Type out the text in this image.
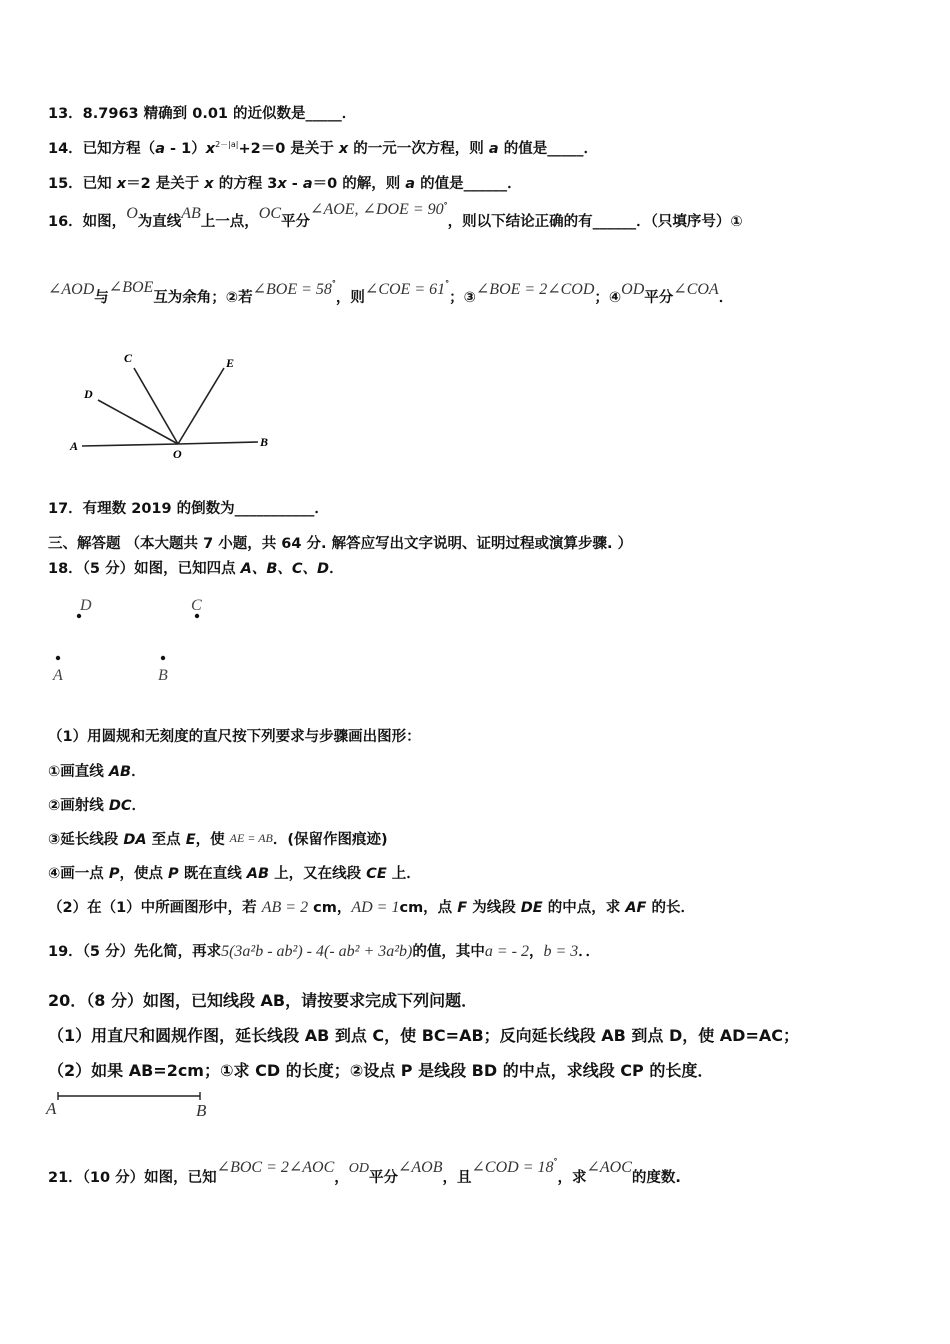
13．8.7963 精确到 0.01 的近似数是_____．
14．已知方程$(a - 1)x^{2-|a|}+2=0$ 是关于 x 的一元一次方程，则 a 的值是_____．
15．已知 x＝2 是关于 x 的方程 3x - a＝0 的解，则 a 的值是______．
16．如图，O为直线AB上一点，OC平分∠AOE, ∠DOE = 90°，则以下结论正确的有______．（只填序号）①
∠AOD与∠BOE互为余角；②若∠BOE = 58°，则∠COE = 61°；③∠BOE = 2∠COD；④OD平分∠COA．
C	E
D
A
O
B
17．有理数 2019 的倒数为___________．
三、解答题 （本大题共 7 小题，共 64 分. 解答应写出文字说明、证明过程或演算步骤. ）
18．（5 分）如图，已知四点 A、B、C、D．
D	C
A	B
（1）用圆规和无刻度的直尺按下列要求与步骤画出图形：
①画直线 AB．
②画射线 DC．
③延长线段 DA 至点 E，使 AE = AB．(保留作图痕迹)
④画一点 P，使点 P 既在直线 AB 上，又在线段 CE 上．
（2）在（1）中所画图形中，若 AB = 2 cm，AD = 1cm，点 F 为线段 DE 的中点，求 AF 的长．
19．（5 分）先化简，再求5(3a²b - ab²) - 4(- ab² + 3a²b)的值，其中a = - 2，b = 3．．
20．（8 分）如图，已知线段 AB，请按要求完成下列问题．
（1）用直尺和圆规作图，延长线段 AB 到点 C，使 BC=AB；反向延长线段 AB 到点 D，使 AD=AC；
（2）如果 AB=2cm；①求 CD 的长度；②设点 P 是线段 BD 的中点，求线段 CP 的长度．
A	B
21．（10 分）如图，已知∠BOC = 2∠AOC，OD平分∠AOB，且∠COD = 18°，求∠AOC的度数.
